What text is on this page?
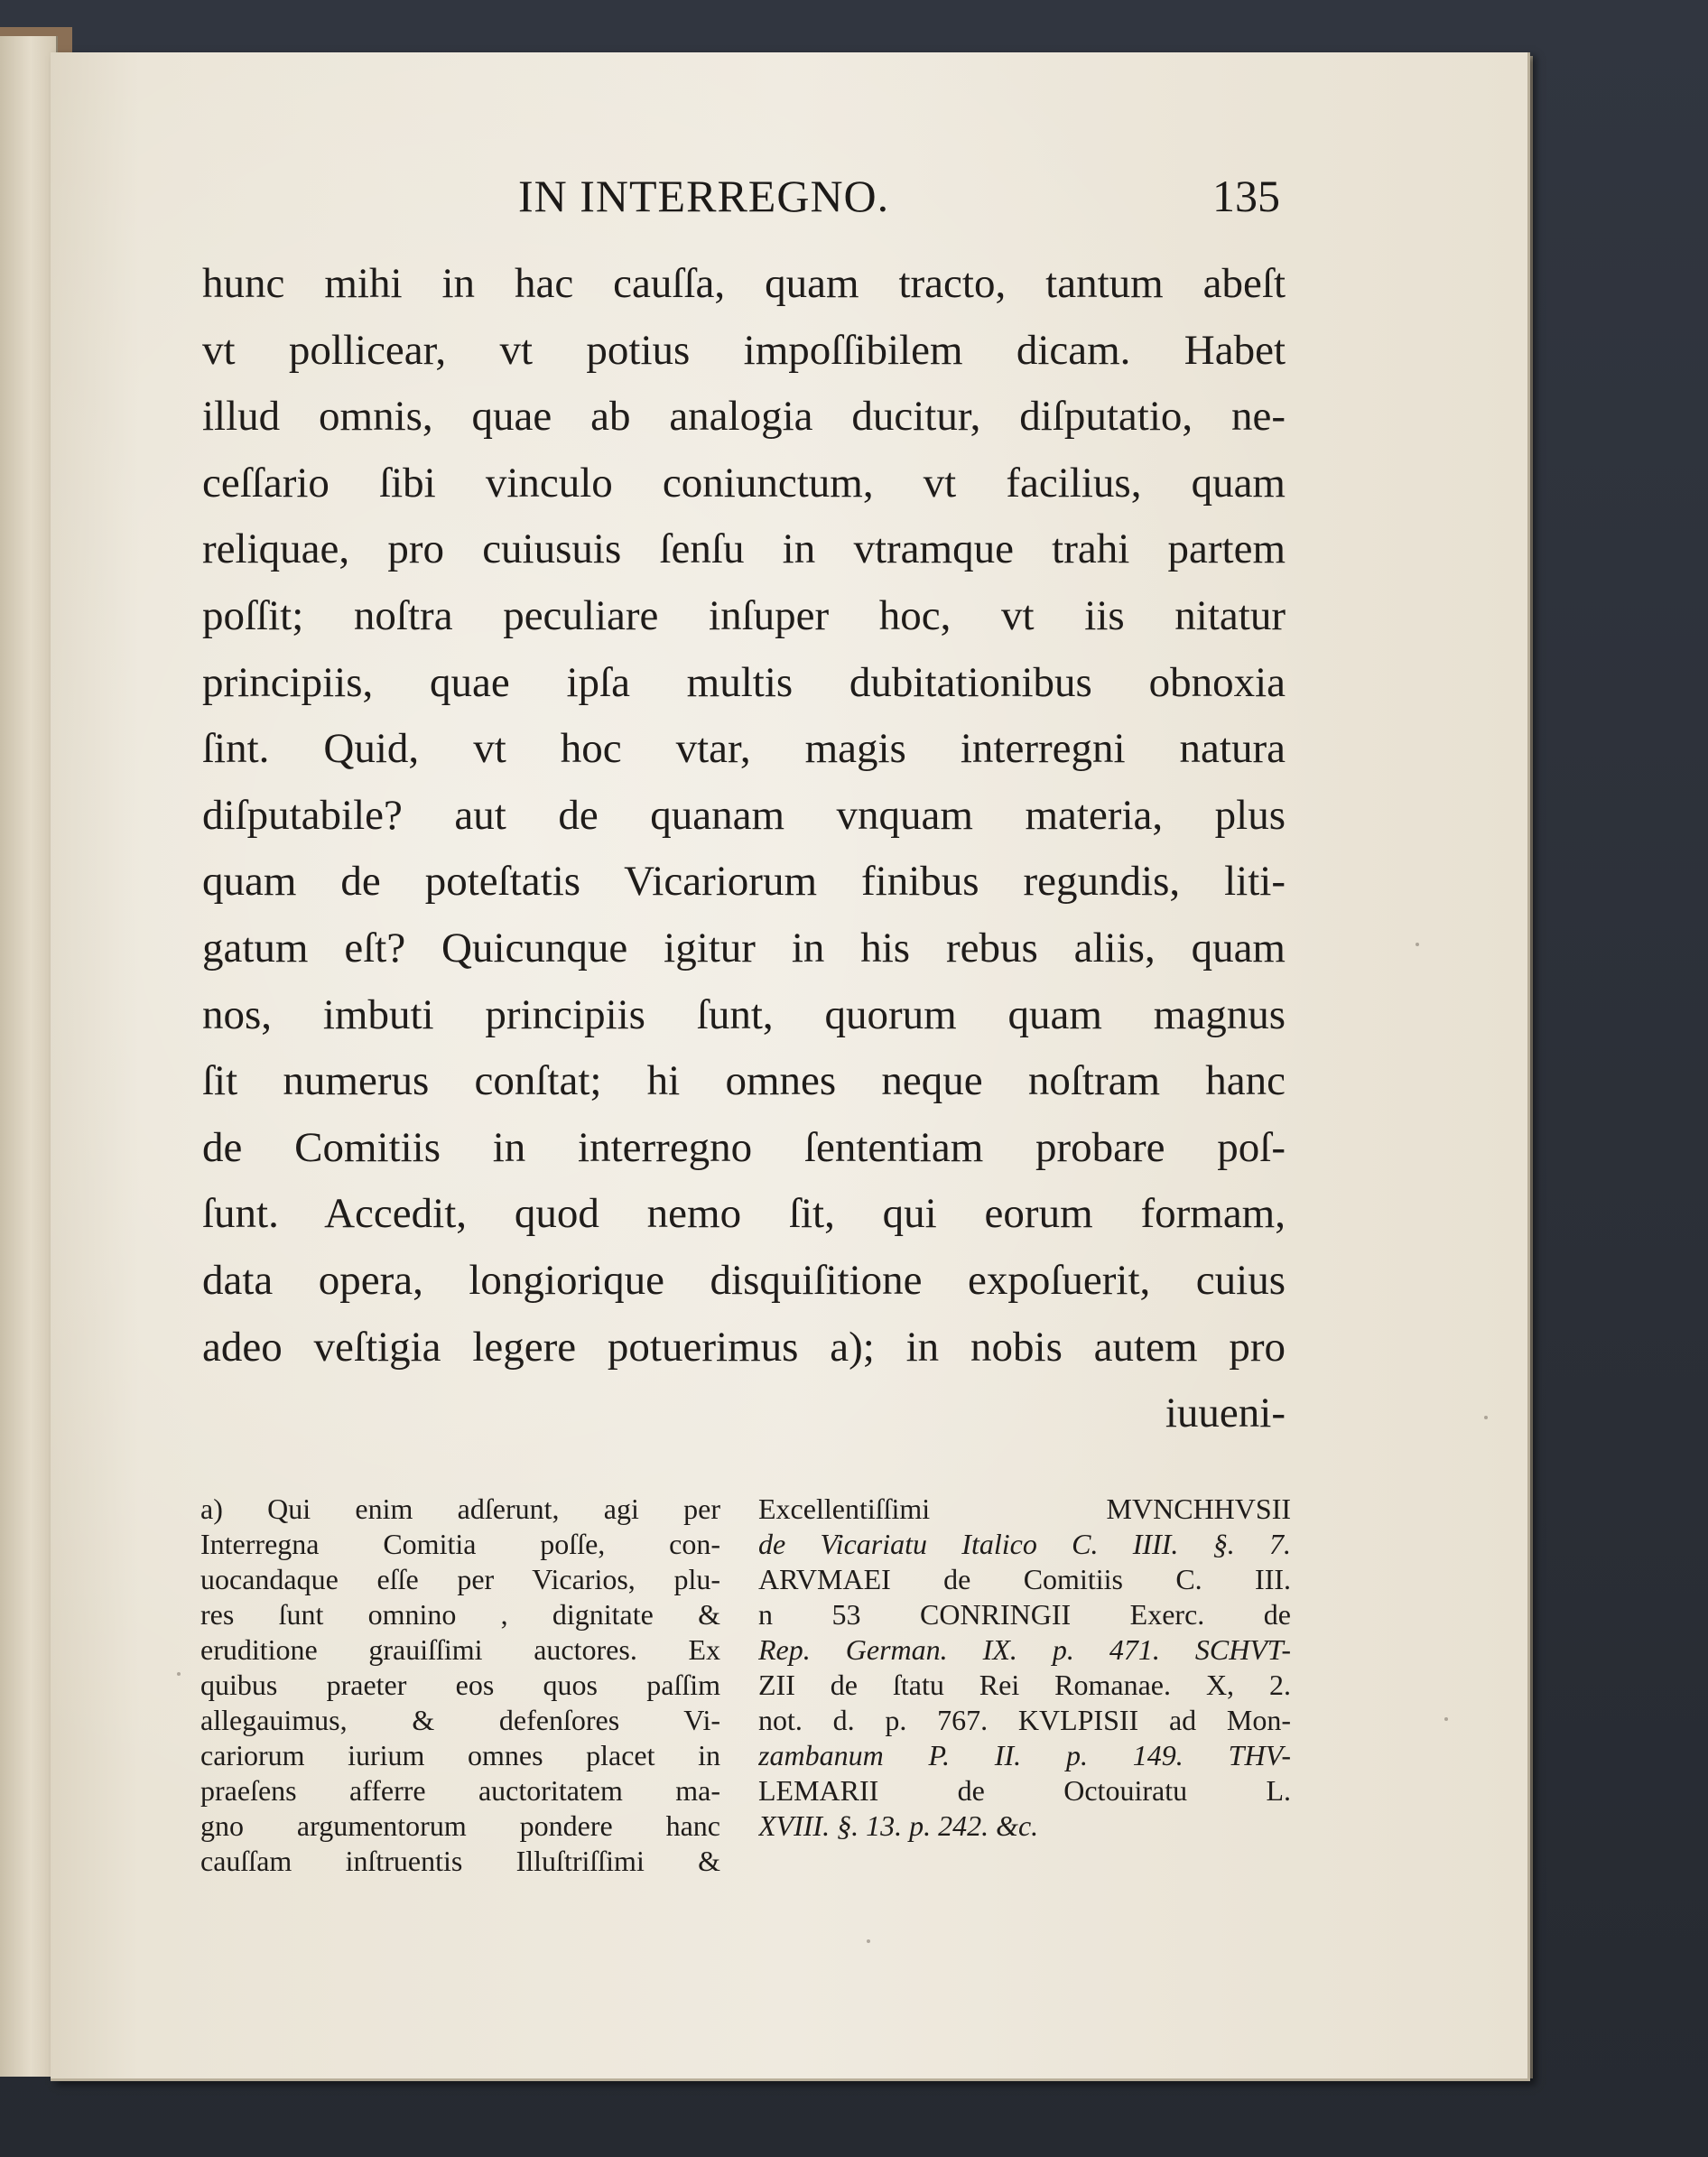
IN INTERREGNO.	135
hunc mihi in hac cauſſa, quam tracto, tantum abeſt
vt pollicear, vt potius impoſſibilem dicam. Habet
illud omnis, quae ab analogia ducitur, diſputatio, ne-
ceſſario ſibi vinculo coniunctum, vt facilius, quam
reliquae, pro cuiusuis ſenſu in vtramque trahi partem
poſſit; noſtra peculiare inſuper hoc, vt iis nitatur
principiis, quae ipſa multis dubitationibus obnoxia
ſint. Quid, vt hoc vtar, magis interregni natura
diſputabile? aut de quanam vnquam materia, plus
quam de poteſtatis Vicariorum finibus regundis, liti-
gatum eſt? Quicunque igitur in his rebus aliis, quam
nos, imbuti principiis ſunt, quorum quam magnus
ſit numerus conſtat; hi omnes neque noſtram hanc
de Comitiis in interregno ſententiam probare poſ-
ſunt. Accedit, quod nemo ſit, qui eorum formam,
data opera, longiorique disquiſitione expoſuerit, cuius
adeo veſtigia legere potuerimus a); in nobis autem pro
iuueni-
a) Qui enim adſerunt, agi per
Interregna Comitia poſſe, con-
uocandaque eſſe per Vicarios, plu-
res ſunt omnino , dignitate &
eruditione grauiſſimi auctores. Ex
quibus praeter eos quos paſſim
allegauimus, & defenſores Vi-
cariorum iurium omnes placet in
praeſens afferre auctoritatem ma-
gno argumentorum pondere hanc
cauſſam inſtruentis Illuſtriſſimi &
Excellentiſſimi MVNCHHVSII
de Vicariatu Italico C. IIII. §. 7.
ARVMAEI de Comitiis C. III.
n 53 CONRINGII Exerc. de
Rep. German. IX. p. 471. SCHVT-
ZII de ſtatu Rei Romanae. X, 2.
not. d. p. 767. KVLPISII ad Mon-
zambanum P. II. p. 149. THV-
LEMARII de Octouiratu L.
XVIII. §. 13. p. 242. &c.
